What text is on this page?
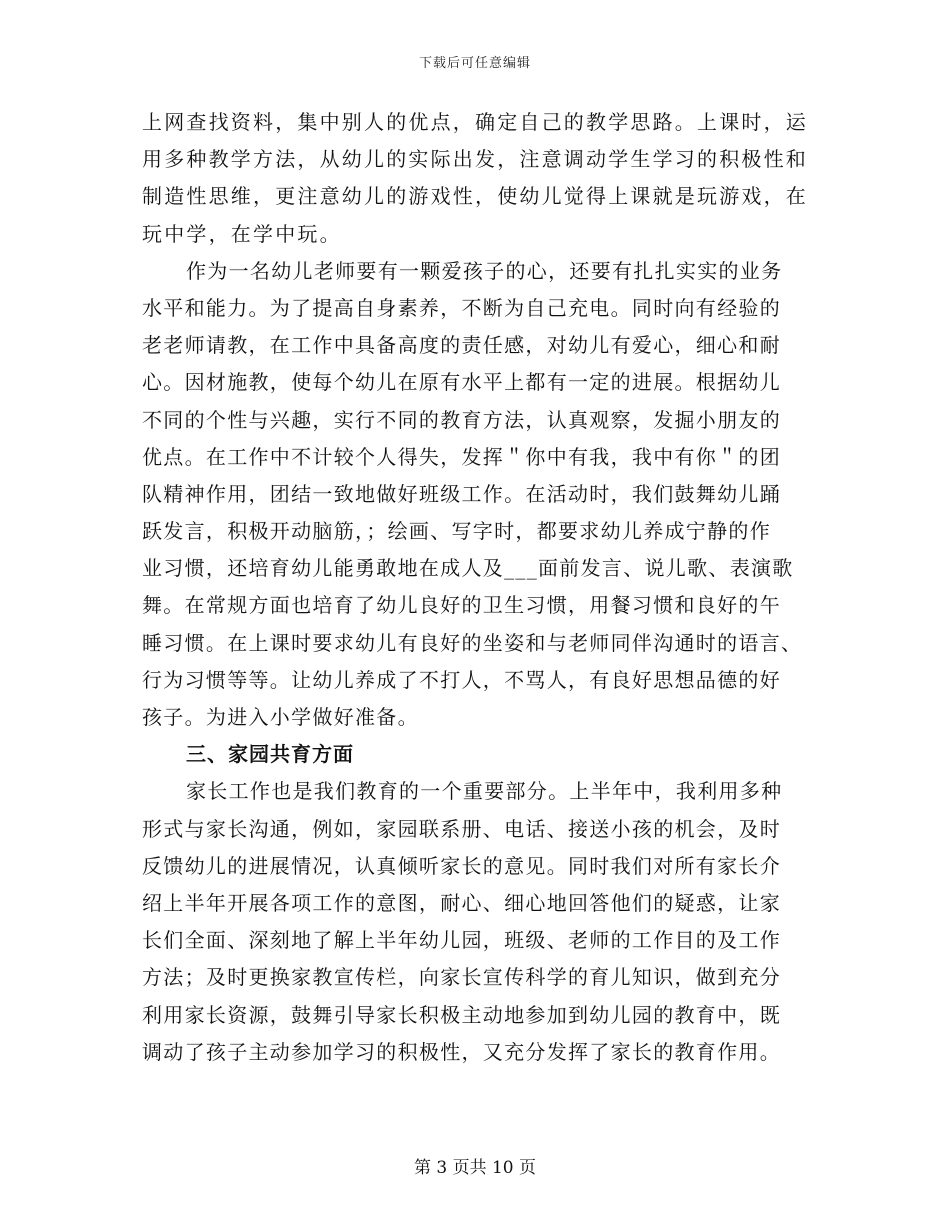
下载后可任意编辑
上网查找资料，集中别人的优点，确定自己的教学思路。上课时，运
用多种教学方法，从幼儿的实际出发，注意调动学生学习的积极性和
制造性思维，更注意幼儿的游戏性，使幼儿觉得上课就是玩游戏，在
玩中学，在学中玩。
作为一名幼儿老师要有一颗爱孩子的心，还要有扎扎实实的业务
水平和能力。为了提高自身素养，不断为自己充电。同时向有经验的
老老师请教，在工作中具备高度的责任感，对幼儿有爱心，细心和耐
心。因材施教，使每个幼儿在原有水平上都有一定的进展。根据幼儿
不同的个性与兴趣，实行不同的教育方法，认真观察，发掘小朋友的
优点。在工作中不计较个人得失，发挥＂你中有我，我中有你＂的团
队精神作用，团结一致地做好班级工作。在活动时，我们鼓舞幼儿踊
跃发言，积极开动脑筋，；绘画、写字时，都要求幼儿养成宁静的作
业习惯，还培育幼儿能勇敢地在成人及___面前发言、说儿歌、表演歌
舞。在常规方面也培育了幼儿良好的卫生习惯，用餐习惯和良好的午
睡习惯。在上课时要求幼儿有良好的坐姿和与老师同伴沟通时的语言、
行为习惯等等。让幼儿养成了不打人，不骂人，有良好思想品德的好
孩子。为进入小学做好准备。
三、家园共育方面
家长工作也是我们教育的一个重要部分。上半年中，我利用多种
形式与家长沟通，例如，家园联系册、电话、接送小孩的机会，及时
反馈幼儿的进展情况，认真倾听家长的意见。同时我们对所有家长介
绍上半年开展各项工作的意图，耐心、细心地回答他们的疑惑，让家
长们全面、深刻地了解上半年幼儿园，班级、老师的工作目的及工作
方法；及时更换家教宣传栏，向家长宣传科学的育儿知识，做到充分
利用家长资源，鼓舞引导家长积极主动地参加到幼儿园的教育中，既
调动了孩子主动参加学习的积极性，又充分发挥了家长的教育作用。
第 3 页共 10 页
